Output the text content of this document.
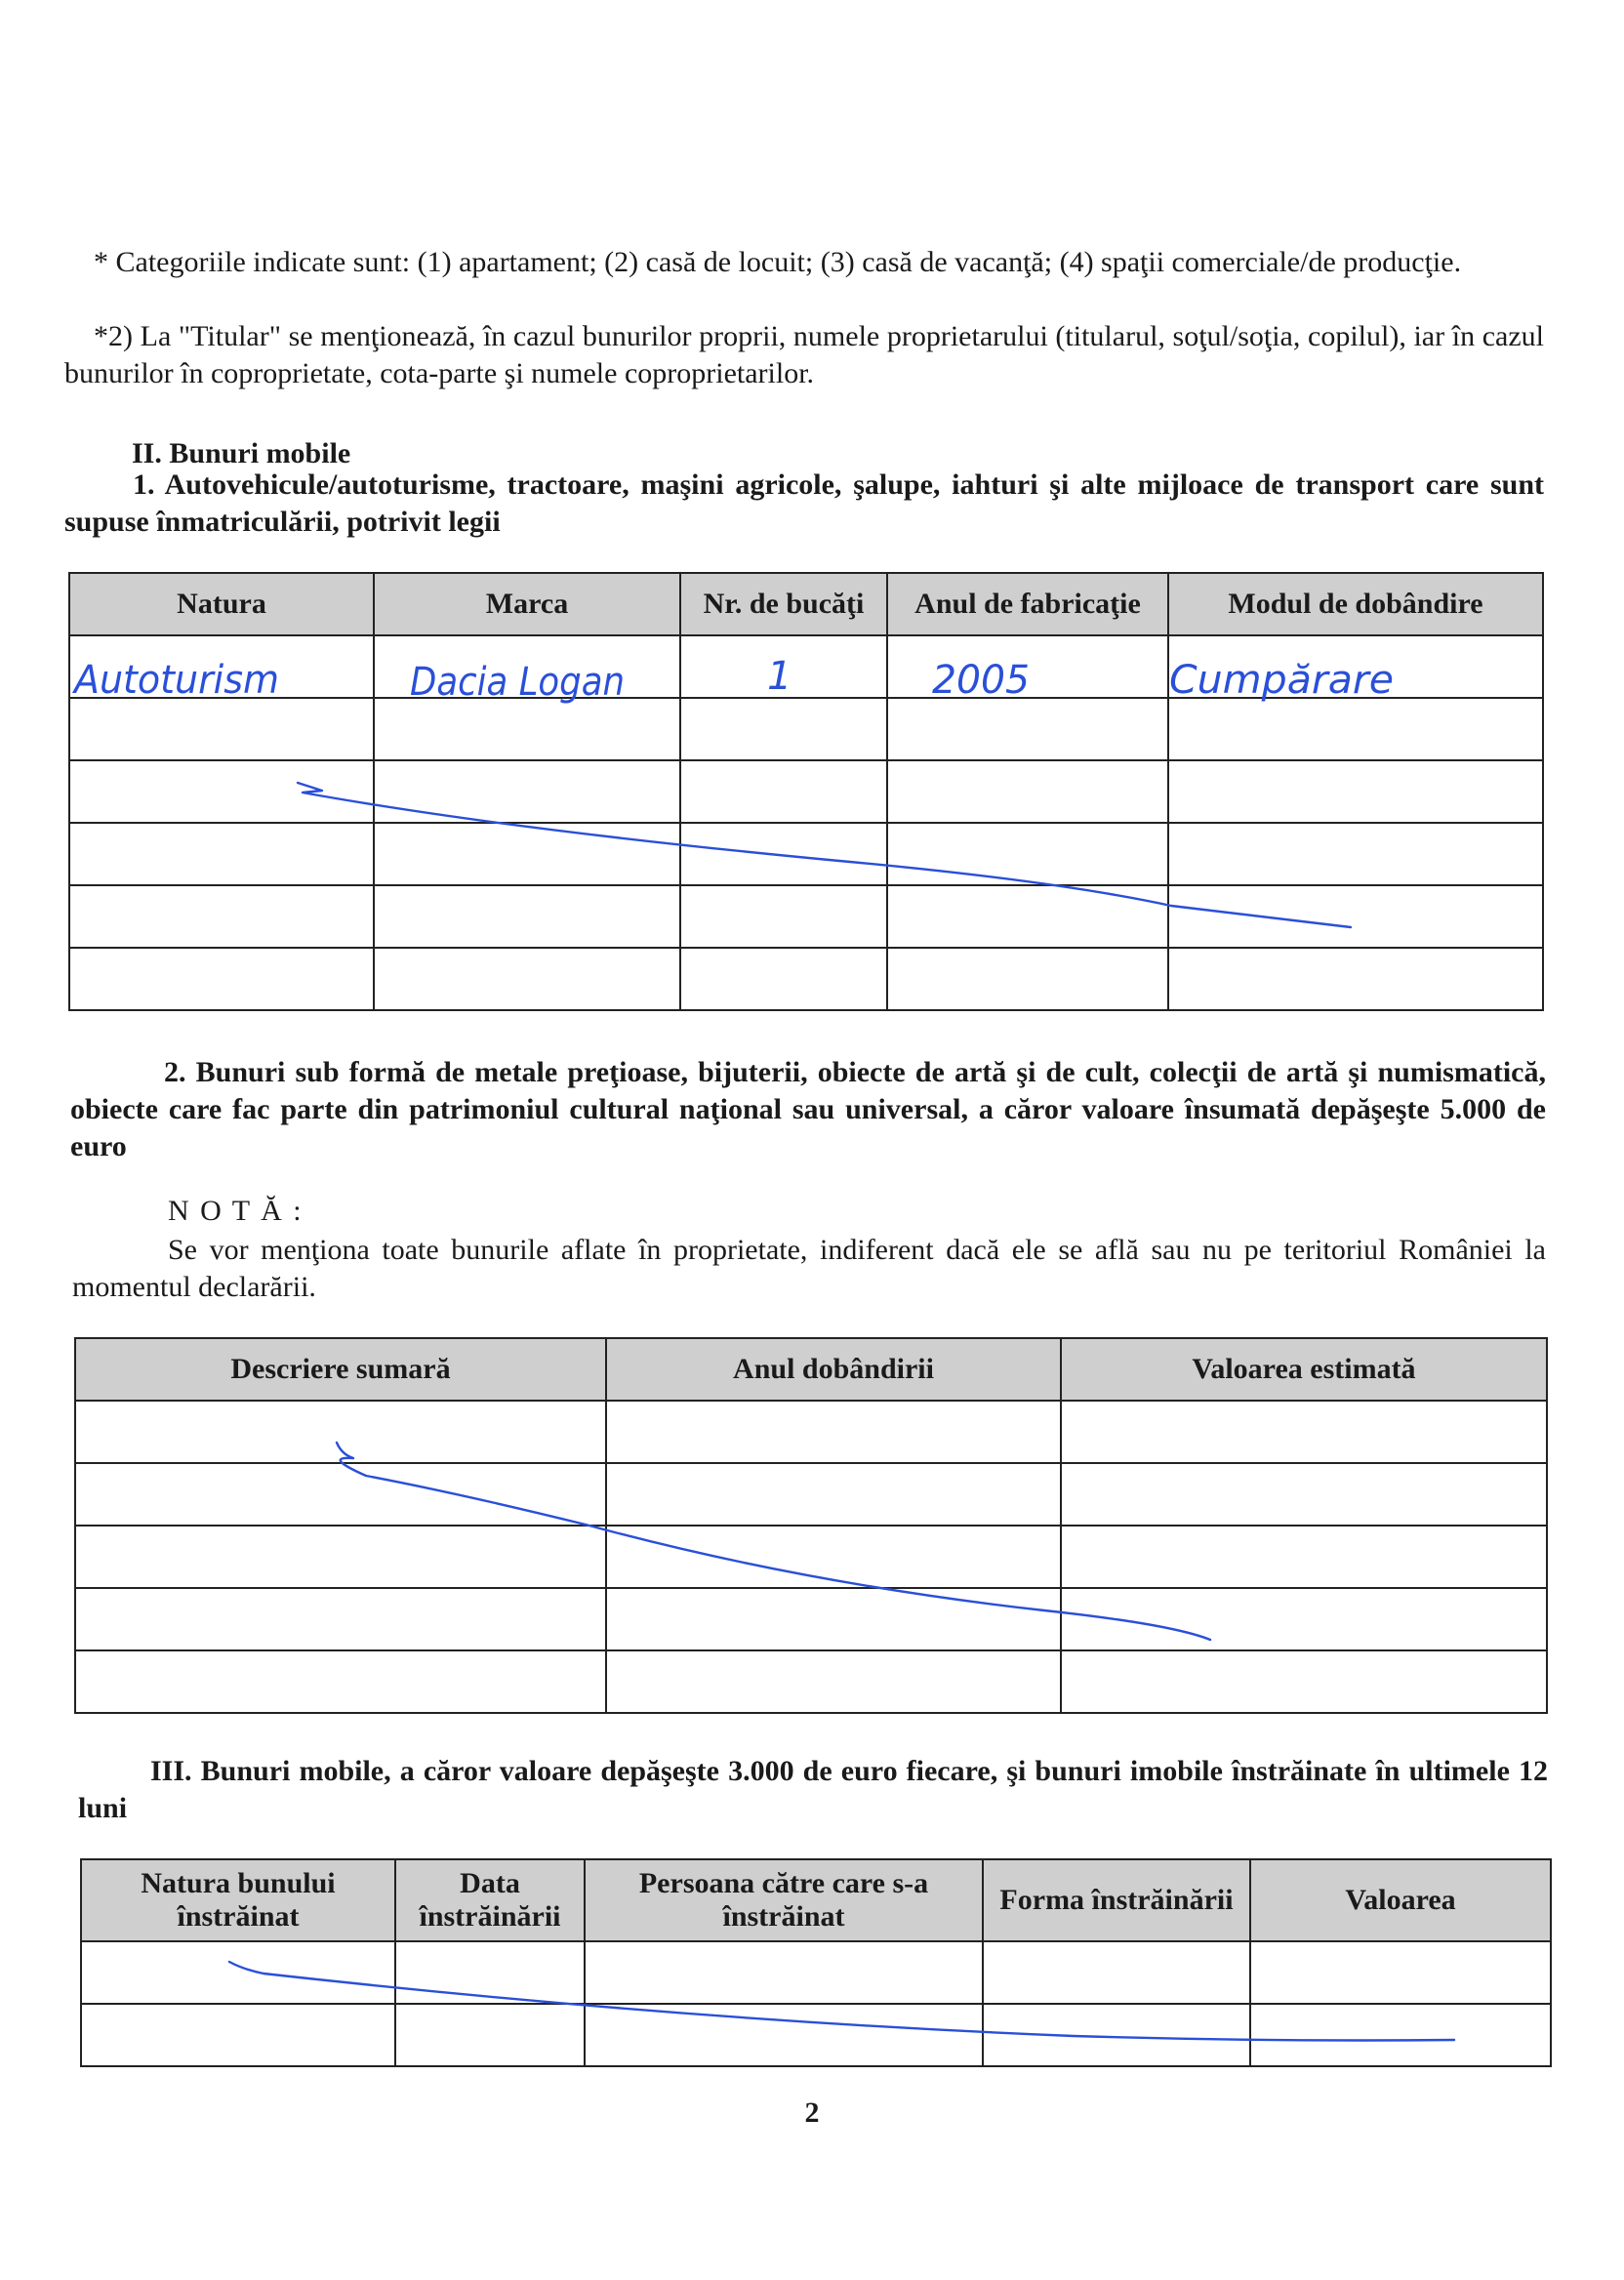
* Categoriile indicate sunt: (1) apartament; (2) casă de locuit; (3) casă de vacanţă; (4) spaţii comerciale/de producţie.
*2) La "Titular" se menţionează, în cazul bunurilor proprii, numele proprietarului (titularul, soţul/soţia, copilul), iar în cazul bunurilor în coproprietate, cota-parte şi numele coproprietarilor.
II. Bunuri mobile
1. Autovehicule/autoturisme, tractoare, maşini agricole, şalupe, iahturi şi alte mijloace de transport care sunt supuse înmatriculării, potrivit legii
Natura	Marca	Nr. de bucăţi	Anul de fabricaţie	Modul de dobândire

2. Bunuri sub formă de metale preţioase, bijuterii, obiecte de artă şi de cult, colecţii de artă şi numismatică, obiecte care fac parte din patrimoniul cultural naţional sau universal, a căror valoare însumată depăşeşte 5.000 de euro
N O T Ă :
Se vor menţiona toate bunurile aflate în proprietate, indiferent dacă ele se află sau nu pe teritoriul României la momentul declarării.
Descriere sumară	Anul dobândirii	Valoarea estimată

III. Bunuri mobile, a căror valoare depăşeşte 3.000 de euro fiecare, şi bunuri imobile înstrăinate în ultimele 12 luni
Natura bunului înstrăinat	Data înstrăinării	Persoana către care s-a înstrăinat	Forma înstrăinării	Valoarea

2
Autoturism	Dacia Logan	1	2005	Cumpărare
